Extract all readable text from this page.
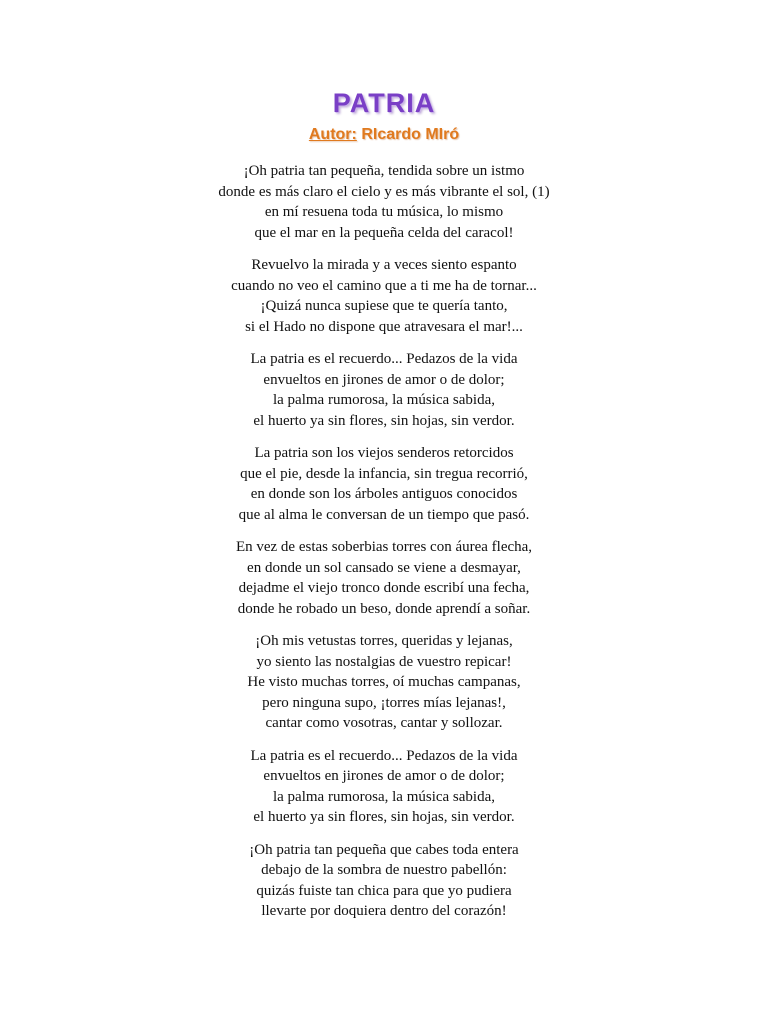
PATRIA
Autor: RIcardo MIró
¡Oh patria tan pequeña, tendida sobre un istmo
donde es más claro el cielo y es más vibrante el sol, (1)
en mí resuena toda tu música, lo mismo
que el mar en la pequeña celda del caracol!
Revuelvo la mirada y a veces siento espanto
cuando no veo el camino que a ti me ha de tornar...
¡Quizá nunca supiese que te quería tanto,
si el Hado no dispone que atravesara el mar!...
La patria es el recuerdo... Pedazos de la vida
envueltos en jirones de amor o de dolor;
la palma rumorosa, la música sabida,
el huerto ya sin flores, sin hojas, sin verdor.
La patria son los viejos senderos retorcidos
que el pie, desde la infancia, sin tregua recorrió,
en donde son los árboles antiguos conocidos
que al alma le conversan de un tiempo que pasó.
En vez de estas soberbias torres con áurea flecha,
en donde un sol cansado se viene a desmayar,
dejadme el viejo tronco donde escribí una fecha,
donde he robado un beso, donde aprendí a soñar.
¡Oh mis vetustas torres, queridas y lejanas,
yo siento las nostalgias de vuestro repicar!
He visto muchas torres, oí muchas campanas,
pero ninguna supo, ¡torres mías lejanas!,
cantar como vosotras, cantar y sollozar.
La patria es el recuerdo... Pedazos de la vida
envueltos en jirones de amor o de dolor;
la palma rumorosa, la música sabida,
el huerto ya sin flores, sin hojas, sin verdor.
¡Oh patria tan pequeña que cabes toda entera
debajo de la sombra de nuestro pabellón:
quizás fuiste tan chica para que yo pudiera
llevarte por doquiera dentro del corazón!
